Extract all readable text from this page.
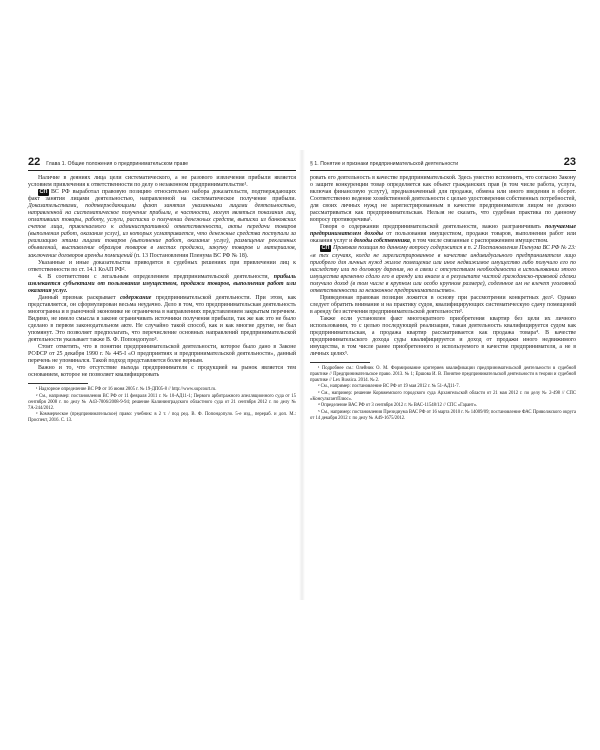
22 Глава 1. Общие положения о предпринимательском праве

Наличие в деяниях лица цели систематического, а не разового извлечения прибыли является условием привлечения к ответственности по делу о незаконном предпринимательстве¹.

СП ВС РФ выработал правовую позицию относительно набора доказательств, подтверждающих факт занятия лицами деятельностью, направленной на систематическое получение прибыли. Доказательствами, подтверждающими факт занятия указанными лицами деятельностью, направленной на систематическое получение прибыли, в частности, могут являться показания лиц, оплативших товары, работу, услуги, расписки о получении денежных средств, выписки из банковских счетов лица, привлекаемого к административной ответственности, акты передачи товаров (выполнения работ, оказания услуг), из которых усматривается, что денежные средства поступали за реализацию этими лицами товаров (выполнение работ, оказание услуг), размещение рекламных объявлений, выставление образцов товаров в местах продажи, закупку товаров и материалов, заключение договоров аренды помещений (п. 13 Постановления Пленума ВС РФ № 18).

Указанные и иные доказательства приводятся в судебных решениях при привлечении лиц к ответственности по ст. 14.1 КоАП РФ².

4. В соответствии с легальным определением предпринимательской деятельности, прибыль извлекается субъектами от пользования имуществом, продажи товаров, выполнения работ или оказания услуг.

Данный признак раскрывает содержание предпринимательской деятельности. При этом, как представляется, он сформулирован весьма неудачно. Дело в том, что предпринимательская деятельность многогранна и в рыночной экономике не ограничена в направлениях представлением закрытым перечнем. Видимо, не имело смысла в законе ограничивать источники получения прибыли, так же как это не было сделано в первом законодательном акте. Не случайно такой способ, как и как многие другие, не был упомянут. Это позволяет предполагать, что перечисление основных направлений предпринимательской деятельности указывает также В. Ф. Попондопуло³.

Стоит отметить, что в понятии предпринимательской деятельности, которое было дано в Законе РСФСР от 25 декабря 1990 г. № 445-I «О предприятиях и предпринимательской деятельности», данный перечень не упоминался. Такой подход представляется более верным.

Важно и то, что отсутствие выхода предпринимателя с продукцией на рынок является тем основанием, которое не позволяет квалифицировать

¹ Надзорное определение ВС РФ от 16 июня 2005 г. № 19-ДП05-8 // http://www.supcourt.ru.

² См., например: постановления ВС РФ от 11 февраля 2011 г. № 10-АД11-1; Первого арбитражного апелляционного суда от 15 сентября 2008 г. по делу № А43-7006/2008-9-94; решение Калининградского областного суда от 21 сентября 2012 г. по делу № 7А-244/2012.

³ Коммерческое (предпринимательское) право: учебник: в 2 т. / под ред. В. Ф. Попондопуло. 5-е изд., перераб. и доп. М.: Проспект, 2016. С. 13.

§ 1. Понятие и признаки предпринимательской деятельности	23

ровать его деятельность в качестве предпринимательской. Здесь уместно вспомнить, что согласно Закону о защите конкуренции товар определяется как объект гражданских прав (в том числе работа, услуга, включая финансовую услугу), предназначенный для продажи, обмена или иного введения в оборот. Соответственно ведение хозяйственной деятельности с целью удостоверения собственных потребностей, для своих личных нужд не зарегистрированным в качестве предпринимателя лицом не должно рассматриваться как предпринимательская. Нельзя не сказать, что судебная практика по данному вопросу противоречива¹.

Говоря о содержании предпринимательской деятельности, важно разграничивать получаемые предпринимателем доходы от пользования имуществом, продажи товаров, выполнения работ или оказания услуг и доходы собственника, в том числе связанные с распоряжением имуществом.

СП Правовая позиция по данному вопросу содержится в п. 2 Постановления Пленума ВС РФ № 23: «в тех случаях, когда не зарегистрированное в качестве индивидуального предпринимателя лицо приобрело для личных нужд жилое помещение или иное недвижимое имущество либо получило его по наследству или по договору дарения, но в связи с отсутствием необходимости в использовании этого имущества временно сдало его в аренду или внаем и в результате чистой гражданско-правовой сделки получило доход (в том числе в крупном или особо крупном размере), содеянное им не влечет уголовной ответственности за незаконное предпринимательство».

Приведенная правовая позиция ложится в основу при рассмотрении конкретных дел². Однако следует обратить внимание и на практику судов, квалифицирующих систематическую сдачу помещений в аренду без истечения предпринимательской деятельности³.

Также если установлен факт многократного приобретения квартир без цели их личного использования, то с целью последующей реализации, такая деятельность квалифицируется судом как предпринимательская, а продажа квартир рассматривается как продажа товара⁴. В качестве предпринимательского дохода суды квалифицируется и доход от продажи иного недвижимого имущества, в том числе ранее приобретенного и используемого в качестве предпринимателя, а не в личных целях⁵.

¹ Подробнее см.: Олейник О. М. Формирование критериев квалификации предпринимательской деятельности в судебной практике // Предпринимательское право. 2013. № 1; Ершова И. В. Понятие предпринимательской деятельности в теории и судебной практике // Lex Russica. 2014. № 2.

² См., например: постановление ВС РФ от 19 мая 2012 г. № 51-АД11-7.

³ См., например: решение Коряжемского городского суда Архангельской области от 21 мая 2012 г. по делу № 2-498 // СПС «КонсультантПлюс».

⁴ Определение ВАС РФ от 3 сентября 2012 г. № ВАС-11548/12 // СПС «Гарант».

⁵ См., например: постановления Президиума ВАС РФ от 16 марта 2010 г. № 14009/09; постановление ФАС Приволжского округа от 14 декабря 2012 г. по делу № А49-1675/2012.
